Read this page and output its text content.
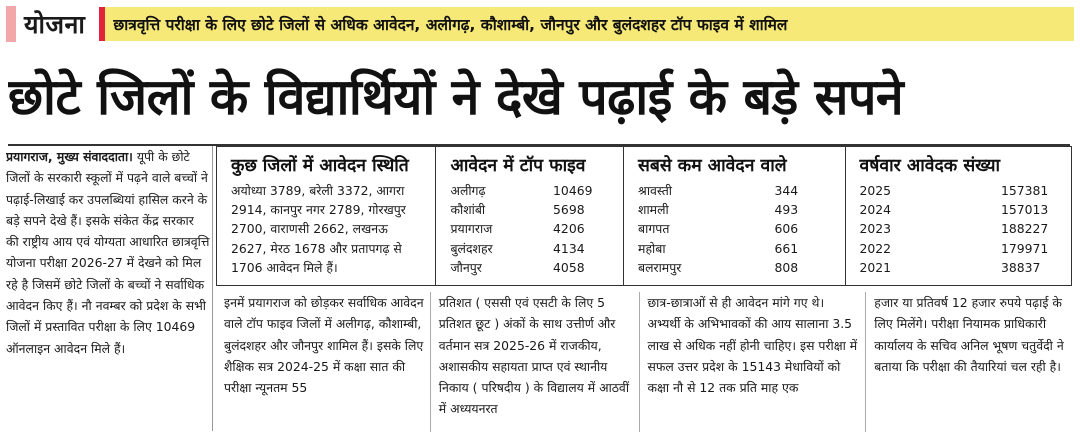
योजना	छात्रवृत्ति परीक्षा के लिए छोटे जिलों से अधिक आवेदन, अलीगढ़, कौशाम्बी, जौनपुर और बुलंदशहर टॉप फाइव में शामिल
छोटे जिलों के विद्यार्थियों ने देखे पढ़ाई के बड़े सपने
प्रयागराज, मुख्य संवाददाता। यूपी के छोटे जिलों के सरकारी स्कूलों में पढ़ने वाले बच्चों ने पढ़ाई-लिखाई कर उपलब्धियां हासिल करने के बड़े सपने देखे हैं। इसके संकेत केंद्र सरकार की राष्ट्रीय आय एवं योग्यता आधारित छात्रवृत्ति योजना परीक्षा 2026-27 में देखने को मिल रहे है जिसमें छोटे जिलों के बच्चों ने सर्वाधिक आवेदन किए हैं। नौ नवम्बर को प्रदेश के सभी जिलों में प्रस्तावित परीक्षा के लिए 10469 ऑनलाइन आवेदन मिले हैं।
कुछ जिलों में आवेदन स्थिति
अयोध्या 3789, बरेली 3372, आगरा 2914, कानपुर नगर 2789, गोरखपुर 2700, वाराणसी 2662, लखनऊ 2627, मेरठ 1678 और प्रतापगढ़ से 1706 आवेदन मिले हैं।
आवेदन में टॉप फाइव
अलीगढ़	10469
कौशांबी	5698
प्रयागराज	4206
बुलंदशहर	4134
जौनपुर	4058
सबसे कम आवेदन वाले
श्रावस्ती	344
शामली	493
बागपत	606
महोबा	661
बलरामपुर	808
वर्षवार आवेदक संख्या
2025	157381
2024	157013
2023	188227
2022	179971
2021	38837
इनमें प्रयागराज को छोड़कर सर्वाधिक आवेदन वाले टॉप फाइव जिलों में अलीगढ़, कौशाम्बी, बुलंदशहर और जौनपुर शामिल हैं। इसके लिए शैक्षिक सत्र 2024-25 में कक्षा सात की परीक्षा न्यूनतम 55
प्रतिशत ( एससी एवं एसटी के लिए 5 प्रतिशत छूट ) अंकों के साथ उत्तीर्ण और वर्तमान सत्र 2025-26 में राजकीय, अशासकीय सहायता प्राप्त एवं स्थानीय निकाय ( परिषदीय ) के विद्यालय में आठवीं में अध्ययनरत
छात्र-छात्राओं से ही आवेदन मांगे गए थे। अभ्यर्थी के अभिभावकों की आय सालाना 3.5 लाख से अधिक नहीं होनी चाहिए। इस परीक्षा में सफल उत्तर प्रदेश के 15143 मेधावियों को कक्षा नौ से 12 तक प्रति माह एक
हजार या प्रतिवर्ष 12 हजार रुपये पढ़ाई के लिए मिलेंगे। परीक्षा नियामक प्राधिकारी कार्यालय के सचिव अनिल भूषण चतुर्वेदी ने बताया कि परीक्षा की तैयारियां चल रही है।
